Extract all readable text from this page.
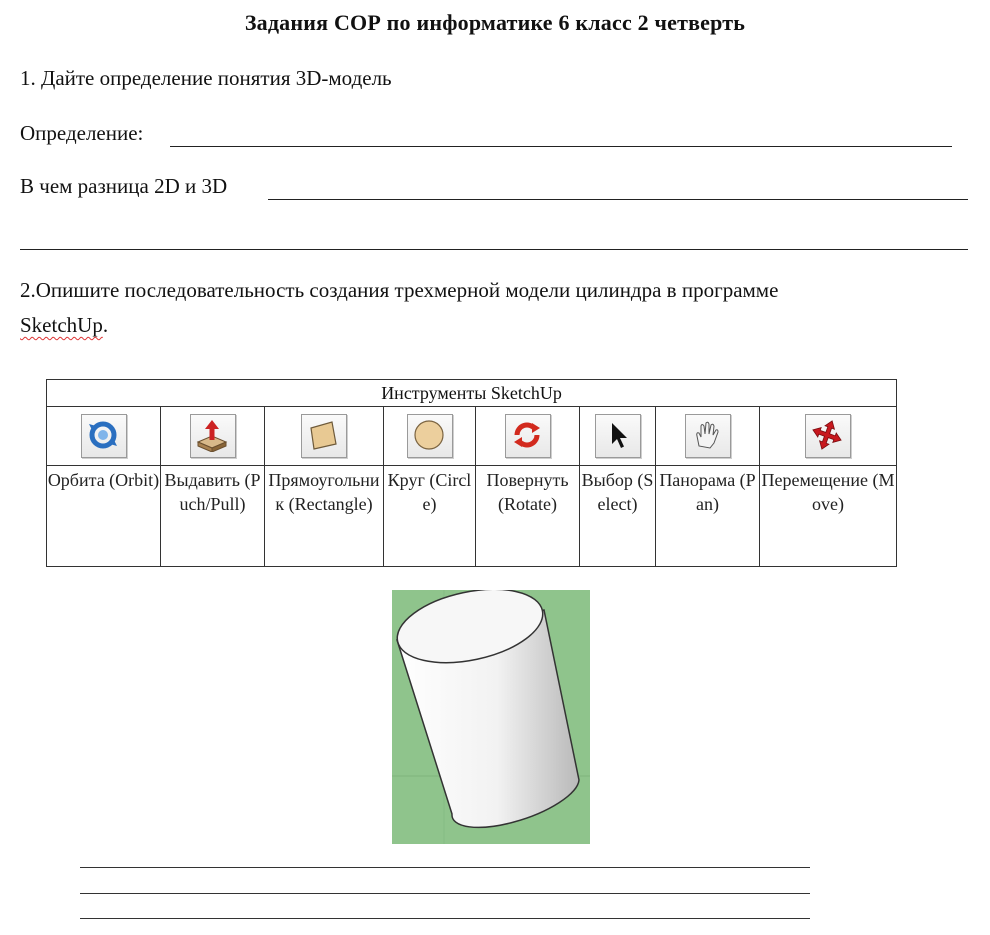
Задания СОР по информатике 6 класс 2 четверть
1. Дайте определение понятия 3D-модель
Определение:
В чем разница 2D и 3D
2.Опишите последовательность создания трехмерной модели цилиндра в программе
SketchUp.
Инструменты SketchUp							

Орбита (Orbit)	Выдавить (Puch/Pull)	Прямоугольник (Rectangle)	Круг (Circle)	Повернуть (Rotate)	Выбор (Select)	Панорама (Pan)	Перемещение (Move)
